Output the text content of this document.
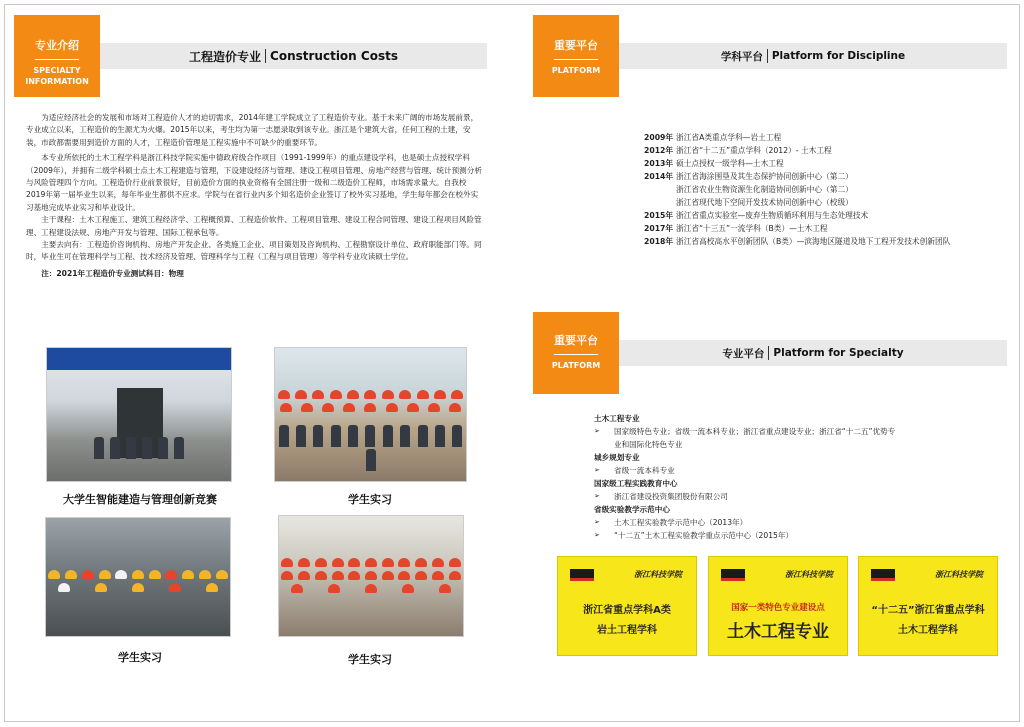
专业介绍
SPECIALTY
INFORMATION
工程造价专业 Construction Costs

为适应经济社会的发展和市场对工程造价人才的迫切需求，2014年建工学院成立了工程造价专业。基于未来广阔的市场发展前景，专业成立以来，工程造价的生源尤为火爆。2015年以来，考生均为第一志愿录取到该专业。浙江是个建筑大省，任何工程的土建，安装，市政都需要用到造价方面的人才，工程造价管理是工程实施中不可缺少的重要环节。

本专业所依托的土木工程学科是浙江科技学院实施中德政府级合作项目（1991-1999年）的重点建设学科，也是硕士点授权学科（2009年），并拥有二级学科硕士点土木工程建造与管理，下设建设经济与管理、建设工程项目管理、房地产经营与管理、统计预测分析与风险管理四个方向。工程造价行业前景很好，目前造价方面的执业资格有全国注册一级和二级造价工程师，市场需求量大。自我校2019年第一届毕业生以来，每年毕业生都供不应求。学院与在省行业内多个知名造价企业签订了校外实习基地，学生每年都会在校外实习基地完成毕业实习和毕业设计。

主干课程：土木工程施工、建筑工程经济学、工程概预算、工程造价软件、工程项目管理、建设工程合同管理、建设工程项目风险管理、工程建设法规、房地产开发与管理、国际工程承包等。

主要去向有：工程造价咨询机构、房地产开发企业、各类施工企业、项目策划及咨询机构、工程勘察设计单位、政府职能部门等。同时，毕业生可在管理科学与工程、技术经济及管理、管理科学与工程（工程与项目管理）等学科专业攻读硕士学位。

注：2021年工程造价专业测试科目：物理

大学生智能建造与管理创新竞赛	学生实习
学生实习	学生实习
重要平台
PLATFORM
学科平台 Platform for Discipline
2009年 浙江省A类重点学科—岩土工程
2012年 浙江省“十二五”重点学科（2012）- 土木工程
2013年 硕士点授权一级学科—土木工程
2014年 浙江省海涂围垦及其生态保护协同创新中心（第二）
浙江省农业生物资源生化制造协同创新中心（第二）
浙江省现代地下空间开发技术协同创新中心（校级）
2015年 浙江省重点实验室—废弃生物质循环利用与生态处理技术
2017年 浙江省“十三五”一流学科（B类）—土木工程
2018年 浙江省高校高水平创新团队（B类）—滨海地区隧道及地下工程开发技术创新团队
重要平台
PLATFORM
专业平台 Platform for Specialty
土木工程专业
➢	国家级特色专业；省级一流本科专业；浙江省重点建设专业；浙江省“十二五”优势专
业和国际化特色专业
城乡规划专业
➢	省级一流本科专业
国家级工程实践教育中心
➢	浙江省建设投资集团股份有限公司
省级实验教学示范中心
➢	土木工程实验教学示范中心（2013年）
➢	“十二五”土木工程实验教学重点示范中心（2015年）
浙江科技学院
浙江省重点学科A类
岩土工程学科
浙江科技学院
国家一类特色专业建设点
土木工程专业
浙江科技学院
“十二五”浙江省重点学科
土木工程学科
